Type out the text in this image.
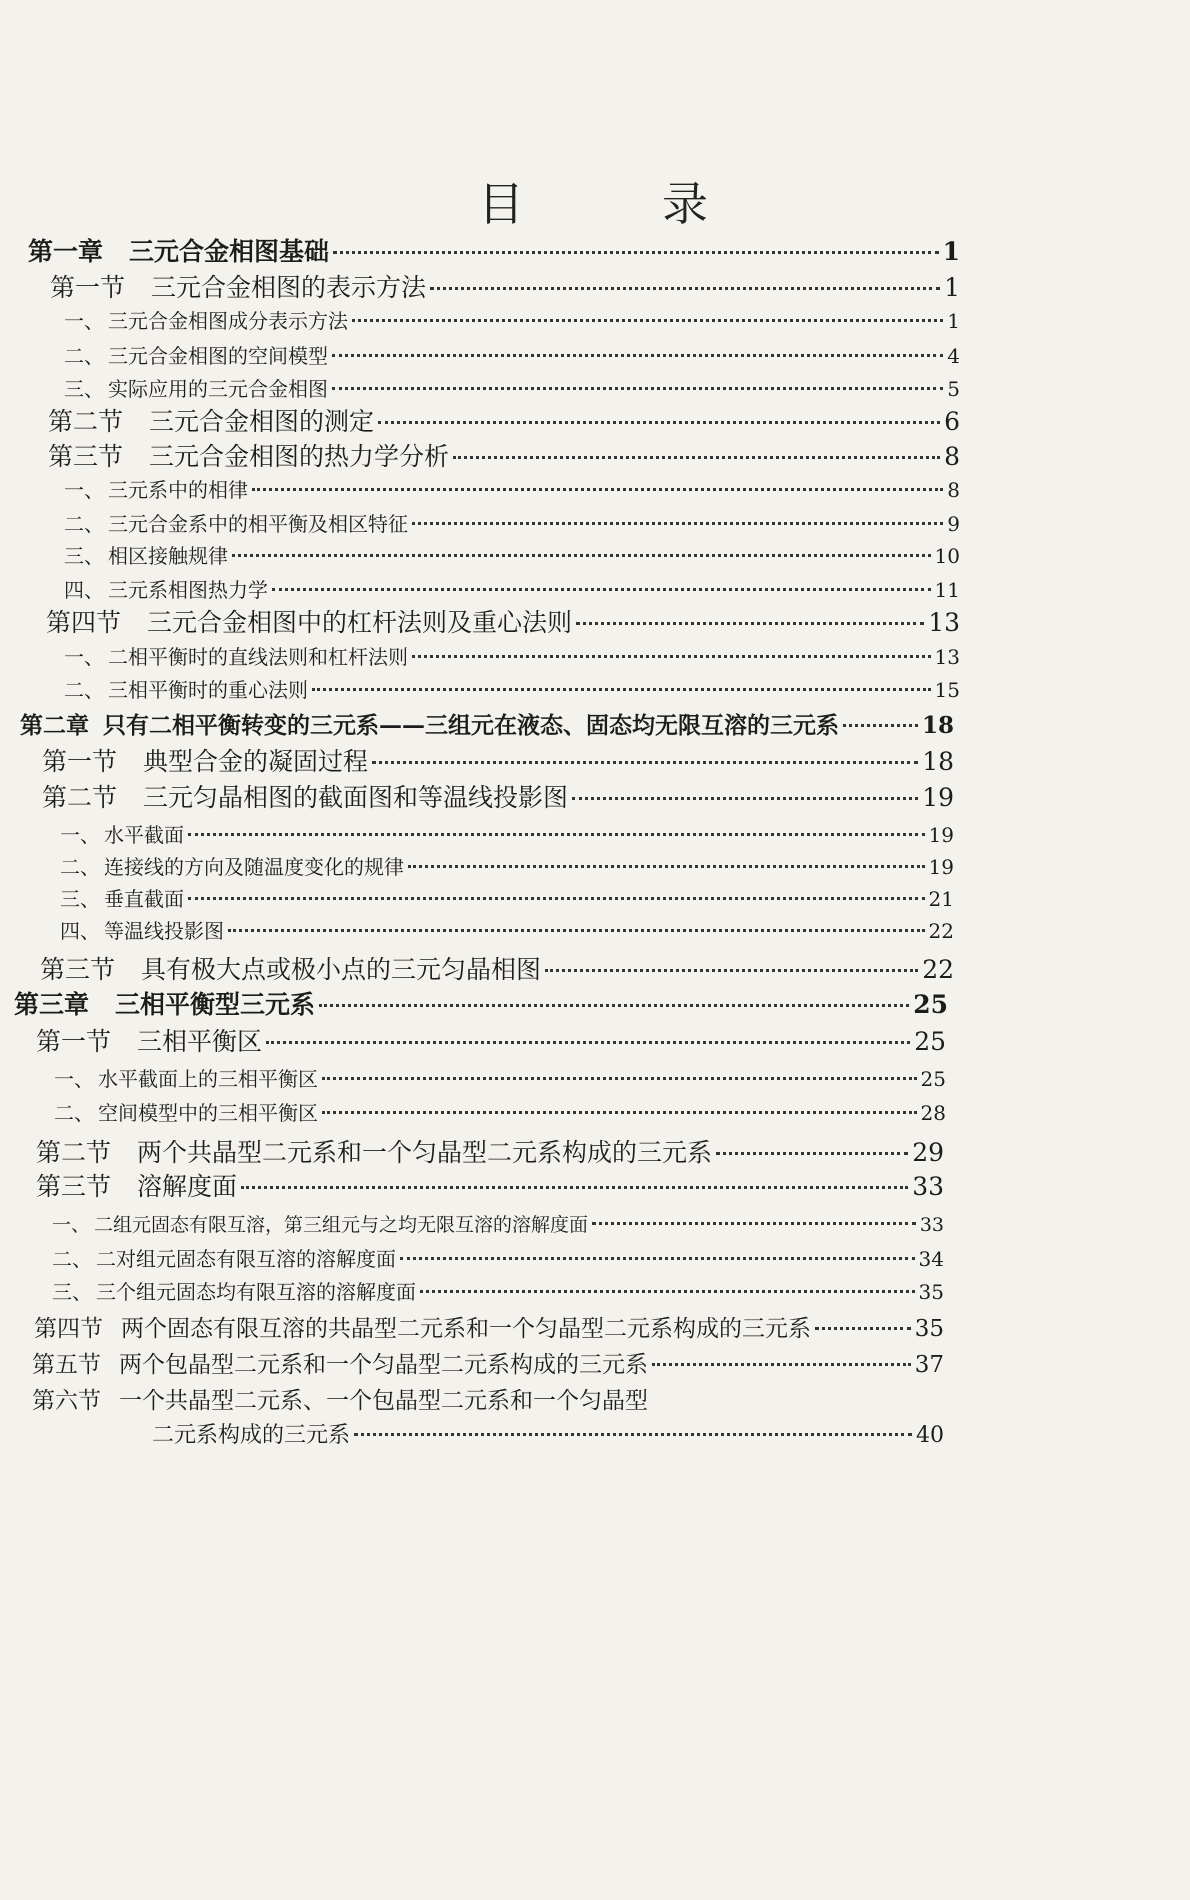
目	录
第一章 三元合金相图基础	1
第一节 三元合金相图的表示方法	1
一、 三元合金相图成分表示方法	1
二、 三元合金相图的空间模型	4
三、 实际应用的三元合金相图	5
第二节 三元合金相图的测定	6
第三节 三元合金相图的热力学分析	8
一、 三元系中的相律	8
二、 三元合金系中的相平衡及相区特征	9
三、 相区接触规律	10
四、 三元系相图热力学	11
第四节 三元合金相图中的杠杆法则及重心法则	13
一、 二相平衡时的直线法则和杠杆法则	13
二、 三相平衡时的重心法则	15
第二章 只有二相平衡转变的三元系——三组元在液态、固态均无限互溶的三元系	18
第一节 典型合金的凝固过程	18
第二节 三元匀晶相图的截面图和等温线投影图	19
一、 水平截面	19
二、 连接线的方向及随温度变化的规律	19
三、 垂直截面	21
四、 等温线投影图	22
第三节 具有极大点或极小点的三元匀晶相图	22
第三章 三相平衡型三元系	25
第一节 三相平衡区	25
一、 水平截面上的三相平衡区	25
二、 空间模型中的三相平衡区	28
第二节 两个共晶型二元系和一个匀晶型二元系构成的三元系	29
第三节 溶解度面	33
一、 二组元固态有限互溶，第三组元与之均无限互溶的溶解度面	33
二、 二对组元固态有限互溶的溶解度面	34
三、 三个组元固态均有限互溶的溶解度面	35
第四节 两个固态有限互溶的共晶型二元系和一个匀晶型二元系构成的三元系	35
第五节 两个包晶型二元系和一个匀晶型二元系构成的三元系	37
第六节 一个共晶型二元系、一个包晶型二元系和一个匀晶型
二元系构成的三元系	40
